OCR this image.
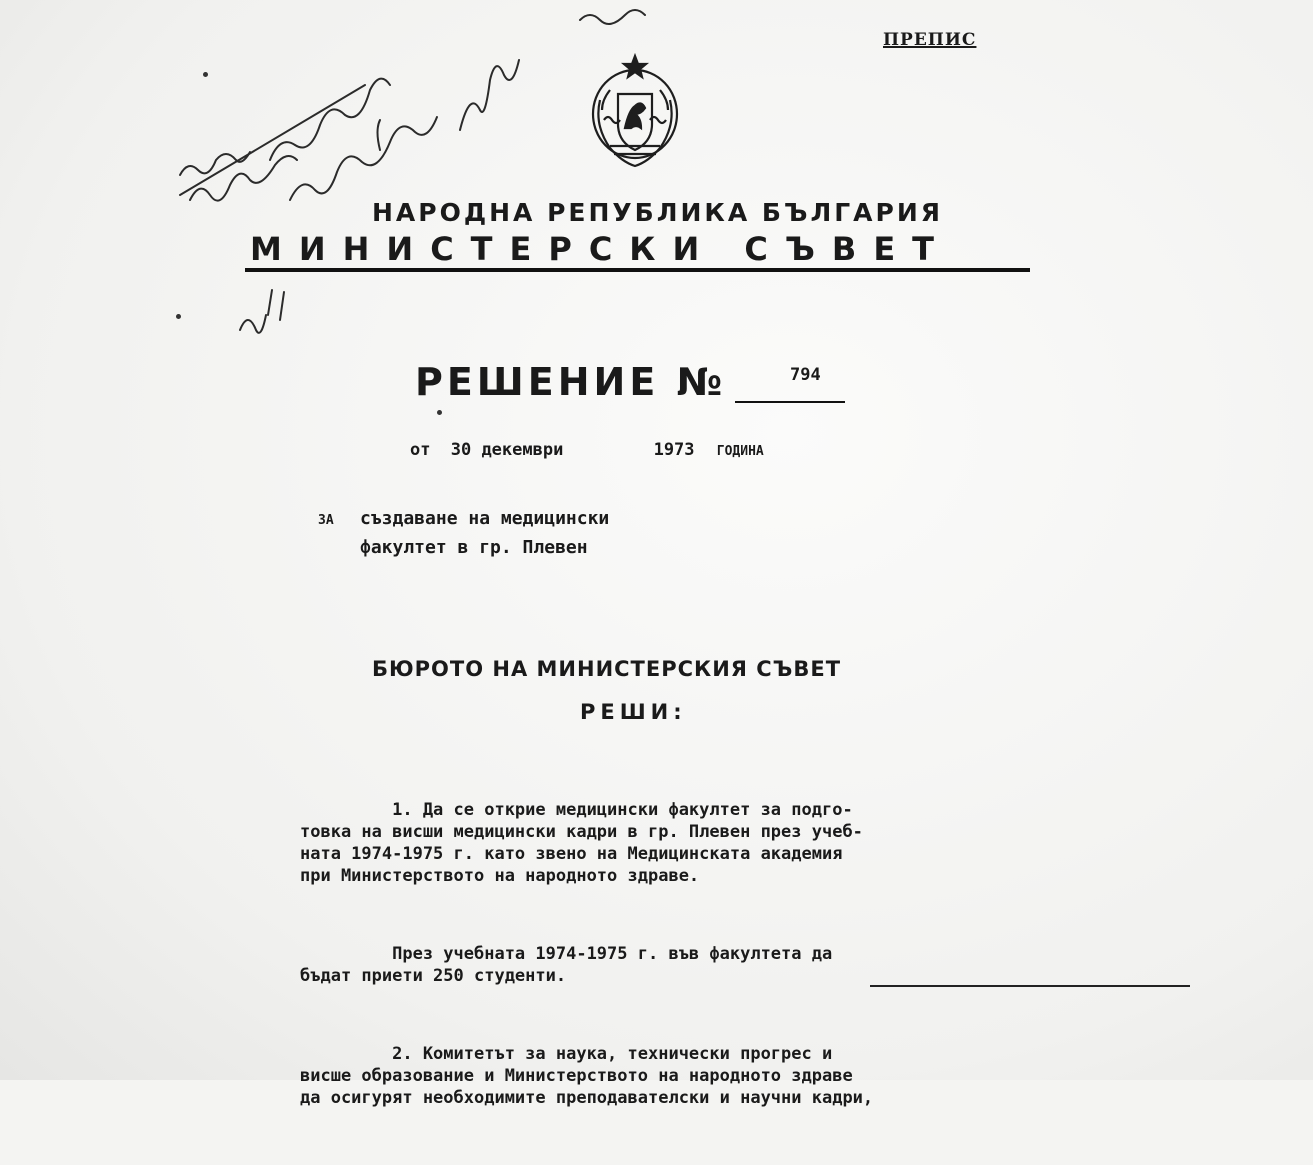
ПРЕПИС
НАРОДНА РЕПУБЛИКА БЪЛГАРИЯ
МИНИСТЕРСКИ СЪВЕТ
РЕШЕНИЕ №	794
от 30 декември	1973 ГОДИНА
ЗА създаване на медицински
факултет в гр. Плевен
БЮРОТО НА МИНИСТЕРСКИЯ СЪВЕТ
РЕШИ:

1. Да се открие медицински факултет за подго-
товка на висши медицински кадри в гр. Плевен през учеб-
ната 1974-1975 г. като звено на Медицинската академия
при Министерството на народното здраве.

През учебната 1974-1975 г. във факултета да
бъдат приети 250 студенти.

2. Комитетът за наука, технически прогрес и
висше образование и Министерството на народното здраве
да осигурят необходимите преподавателски и научни кадри,
